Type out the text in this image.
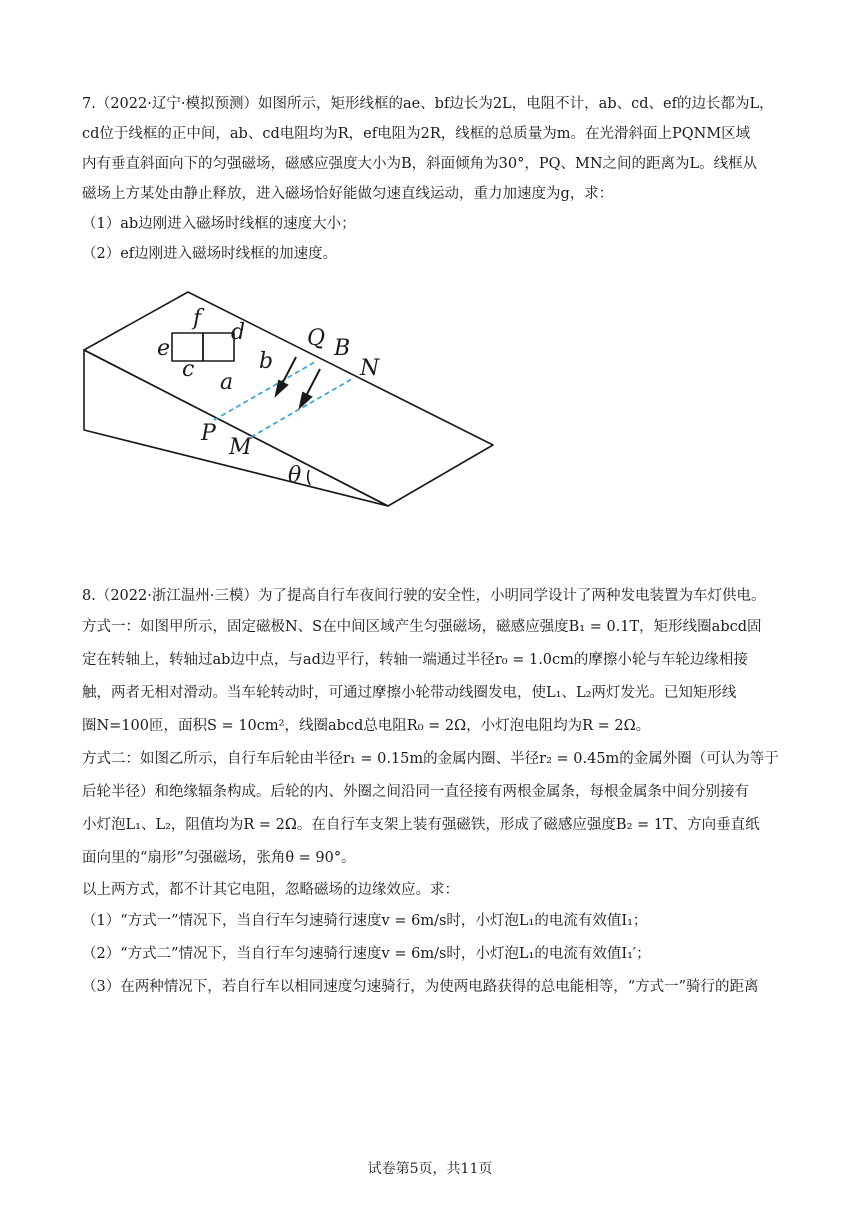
7.（2022·辽宁·模拟预测）如图所示，矩形线框的ae、bf边长为2L，电阻不计，ab、cd、ef的边长都为L，
cd位于线框的正中间，ab、cd电阻均为R，ef电阻为2R，线框的总质量为m。在光滑斜面上PQNM区域
内有垂直斜面向下的匀强磁场，磁感应强度大小为B，斜面倾角为30°，PQ、MN之间的距离为L。线框从
磁场上方某处由静止释放，进入磁场恰好能做匀速直线运动，重力加速度为g，求：
（1）ab边刚进入磁场时线框的速度大小；
（2）ef边刚进入磁场时线框的加速度。
e
f
d
c
a
b
Q B
N
P
M
θ
8.（2022·浙江温州·三模）为了提高自行车夜间行驶的安全性，小明同学设计了两种发电装置为车灯供电。
方式一：如图甲所示，固定磁极N、S在中间区域产生匀强磁场，磁感应强度B₁ = 0.1T，矩形线圈abcd固
定在转轴上，转轴过ab边中点，与ad边平行，转轴一端通过半径r₀ = 1.0cm的摩擦小轮与车轮边缘相接
触，两者无相对滑动。当车轮转动时，可通过摩擦小轮带动线圈发电，使L₁、L₂两灯发光。已知矩形线
圈N=100匝，面积S = 10cm²，线圈abcd总电阻R₀ = 2Ω，小灯泡电阻均为R = 2Ω。
方式二：如图乙所示，自行车后轮由半径r₁ = 0.15m的金属内圈、半径r₂ = 0.45m的金属外圈（可认为等于
后轮半径）和绝缘辐条构成。后轮的内、外圈之间沿同一直径接有两根金属条，每根金属条中间分别接有
小灯泡L₁、L₂，阻值均为R = 2Ω。在自行车支架上装有强磁铁，形成了磁感应强度B₂ = 1T、方向垂直纸
面向里的“扇形”匀强磁场，张角θ = 90°。
以上两方式，都不计其它电阻，忽略磁场的边缘效应。求：
（1）“方式一”情况下，当自行车匀速骑行速度v = 6m/s时，小灯泡L₁的电流有效值I₁；
（2）“方式二”情况下，当自行车匀速骑行速度v = 6m/s时，小灯泡L₁的电流有效值I₁′；
（3）在两种情况下，若自行车以相同速度匀速骑行，为使两电路获得的总电能相等，“方式一”骑行的距离
试卷第5页，共11页
